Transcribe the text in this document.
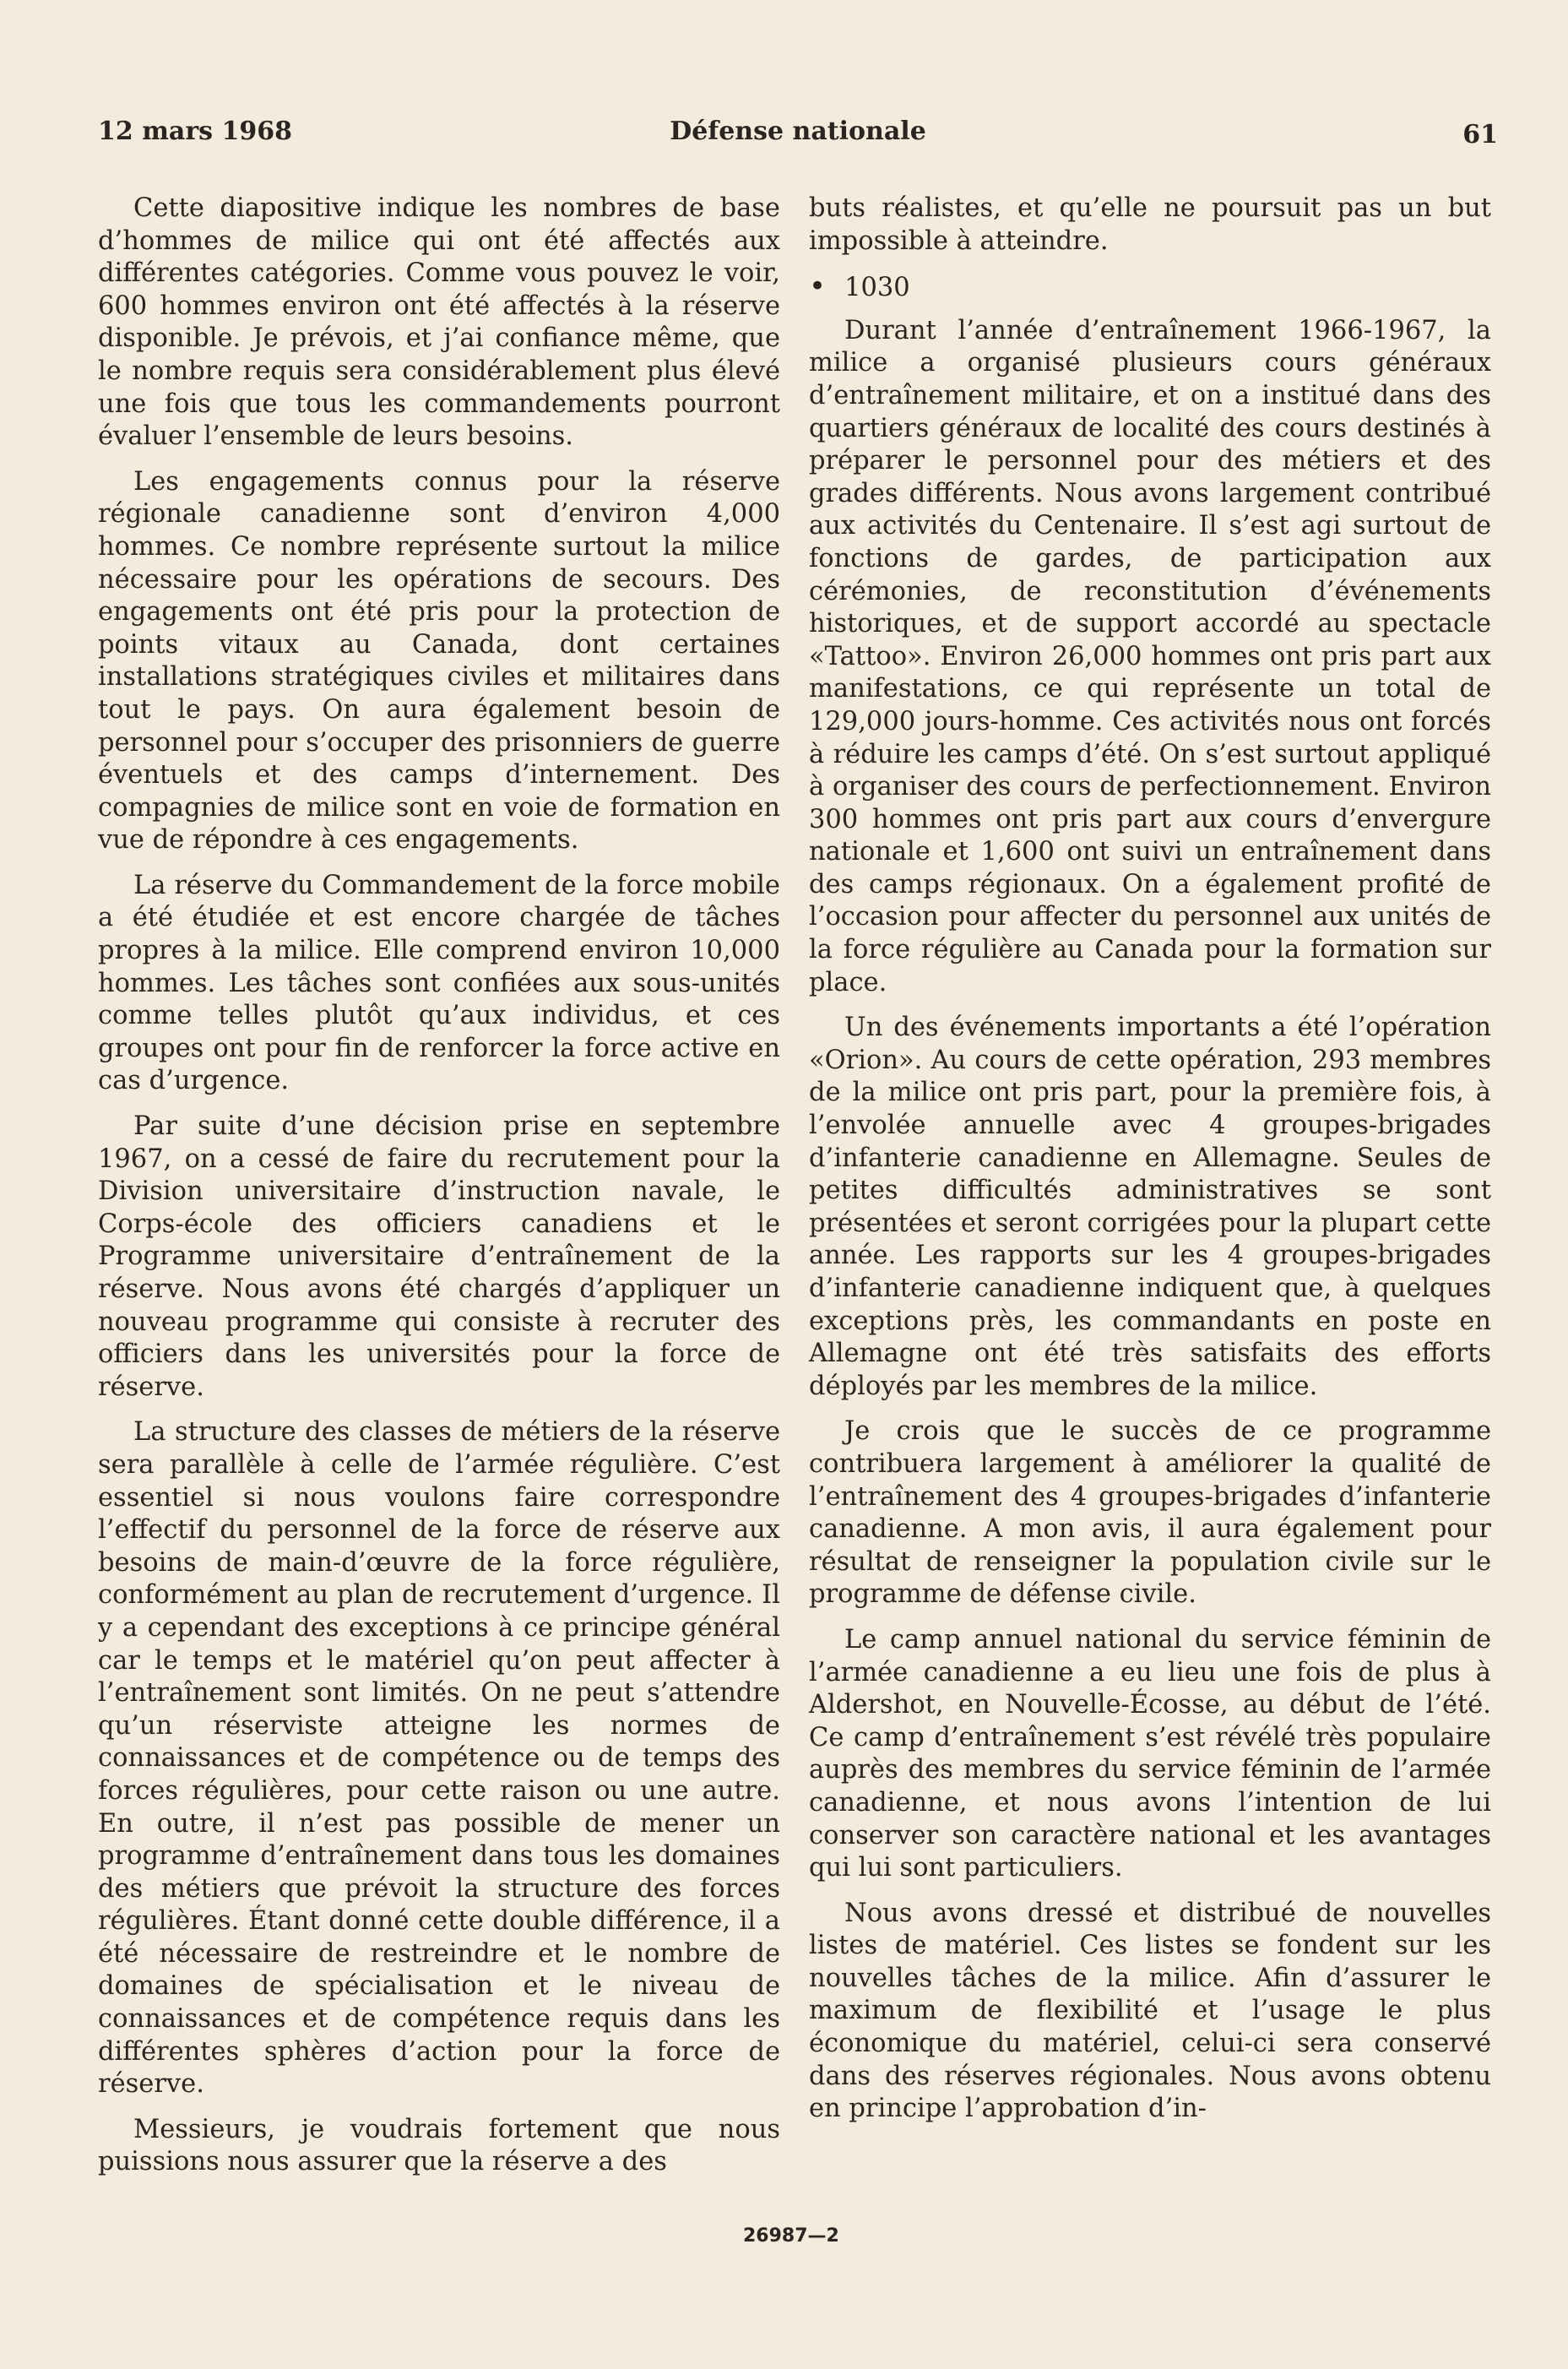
12 mars 1968	Défense nationale	61

Cette diapositive indique les nombres de base d’hommes de milice qui ont été affectés aux différentes catégories. Comme vous pouvez le voir, 600 hommes environ ont été affectés à la réserve disponible. Je prévois, et j’ai confiance même, que le nombre requis sera considérablement plus élevé une fois que tous les commandements pourront évaluer l’ensemble de leurs besoins.

Les engagements connus pour la réserve régionale canadienne sont d’environ 4,000 hommes. Ce nombre représente surtout la milice nécessaire pour les opérations de secours. Des engagements ont été pris pour la protection de points vitaux au Canada, dont certaines installations stratégiques civiles et militaires dans tout le pays. On aura également besoin de personnel pour s’occuper des prisonniers de guerre éventuels et des camps d’internement. Des compagnies de milice sont en voie de formation en vue de répondre à ces engagements.

La réserve du Commandement de la force mobile a été étudiée et est encore chargée de tâches propres à la milice. Elle comprend environ 10,000 hommes. Les tâches sont confiées aux sous-unités comme telles plutôt qu’aux individus, et ces groupes ont pour fin de renforcer la force active en cas d’urgence.

Par suite d’une décision prise en septembre 1967, on a cessé de faire du recrutement pour la Division universitaire d’instruction navale, le Corps-école des officiers canadiens et le Programme universitaire d’entraînement de la réserve. Nous avons été chargés d’appliquer un nouveau programme qui consiste à recruter des officiers dans les universités pour la force de réserve.

La structure des classes de métiers de la réserve sera parallèle à celle de l’armée régulière. C’est essentiel si nous voulons faire correspondre l’effectif du personnel de la force de réserve aux besoins de main-d’œuvre de la force régulière, conformément au plan de recrutement d’urgence. Il y a cependant des exceptions à ce principe général car le temps et le matériel qu’on peut affecter à l’entraînement sont limités. On ne peut s’attendre qu’un réserviste atteigne les normes de connaissances et de compétence ou de temps des forces régulières, pour cette raison ou une autre. En outre, il n’est pas possible de mener un programme d’entraînement dans tous les domaines des métiers que prévoit la structure des forces régulières. Étant donné cette double différence, il a été nécessaire de restreindre et le nombre de domaines de spécialisation et le niveau de connaissances et de compétence requis dans les différentes sphères d’action pour la force de réserve.

Messieurs, je voudrais fortement que nous puissions nous assurer que la réserve a des

buts réalistes, et qu’elle ne poursuit pas un but impossible à atteindre.

• 1030

Durant l’année d’entraînement 1966-1967, la milice a organisé plusieurs cours généraux d’entraînement militaire, et on a institué dans des quartiers généraux de localité des cours destinés à préparer le personnel pour des métiers et des grades différents. Nous avons largement contribué aux activités du Centenaire. Il s’est agi surtout de fonctions de gardes, de participation aux cérémonies, de reconstitution d’événements historiques, et de support accordé au spectacle «Tattoo». Environ 26,000 hommes ont pris part aux manifestations, ce qui représente un total de 129,000 jours-homme. Ces activités nous ont forcés à réduire les camps d’été. On s’est surtout appliqué à organiser des cours de perfectionnement. Environ 300 hommes ont pris part aux cours d’envergure nationale et 1,600 ont suivi un entraînement dans des camps régionaux. On a également profité de l’occasion pour affecter du personnel aux unités de la force régulière au Canada pour la formation sur place.

Un des événements importants a été l’opération «Orion». Au cours de cette opération, 293 membres de la milice ont pris part, pour la première fois, à l’envolée annuelle avec 4 groupes-brigades d’infanterie canadienne en Allemagne. Seules de petites difficultés administratives se sont présentées et seront corrigées pour la plupart cette année. Les rapports sur les 4 groupes-brigades d’infanterie canadienne indiquent que, à quelques exceptions près, les commandants en poste en Allemagne ont été très satisfaits des efforts déployés par les membres de la milice.

Je crois que le succès de ce programme contribuera largement à améliorer la qualité de l’entraînement des 4 groupes-brigades d’infanterie canadienne. A mon avis, il aura également pour résultat de renseigner la population civile sur le programme de défense civile.

Le camp annuel national du service féminin de l’armée canadienne a eu lieu une fois de plus à Aldershot, en Nouvelle-Écosse, au début de l’été. Ce camp d’entraînement s’est révélé très populaire auprès des membres du service féminin de l’armée canadienne, et nous avons l’intention de lui conserver son caractère national et les avantages qui lui sont particuliers.

Nous avons dressé et distribué de nouvelles listes de matériel. Ces listes se fondent sur les nouvelles tâches de la milice. Afin d’assurer le maximum de flexibilité et l’usage le plus économique du matériel, celui-ci sera conservé dans des réserves régionales. Nous avons obtenu en principe l’approbation d’in-

26987—2
